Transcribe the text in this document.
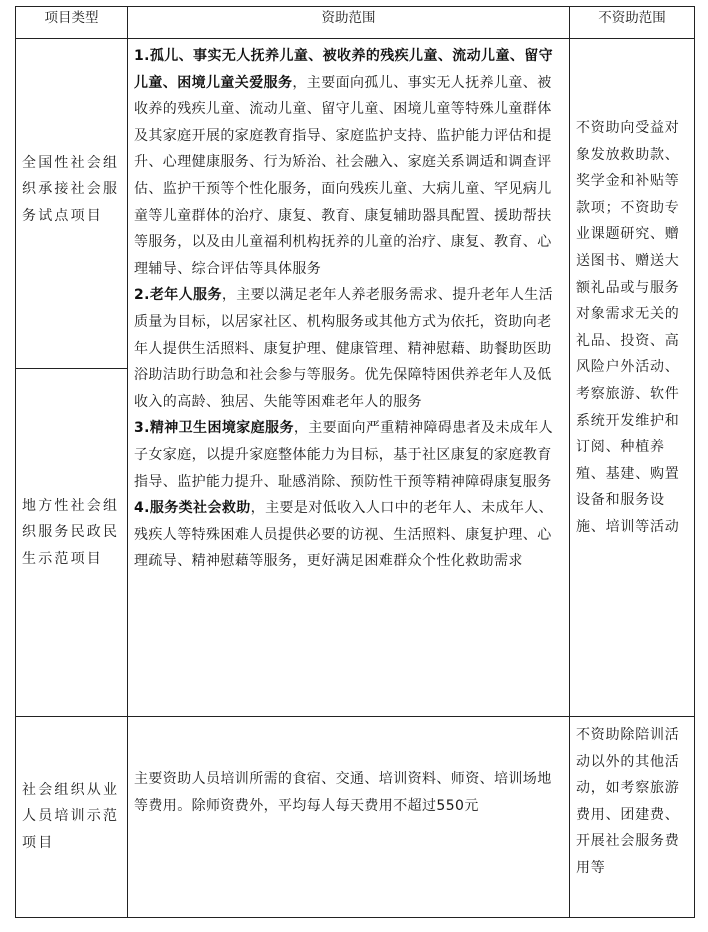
项目类型	资助范围	不资助范围
全国性社会组织承接社会服务试点项目
地方性社会组织服务民政民生示范项目
社会组织从业人员培训示范项目
1.孤儿、事实无人抚养儿童、被收养的残疾儿童、流动儿童、留守儿童、困境儿童关爱服务，主要面向孤儿、事实无人抚养儿童、被收养的残疾儿童、流动儿童、留守儿童、困境儿童等特殊儿童群体及其家庭开展的家庭教育指导、家庭监护支持、监护能力评估和提升、心理健康服务、行为矫治、社会融入、家庭关系调适和调查评估、监护干预等个性化服务，面向残疾儿童、大病儿童、罕见病儿童等儿童群体的治疗、康复、教育、康复辅助器具配置、援助帮扶等服务，以及由儿童福利机构抚养的儿童的治疗、康复、教育、心理辅导、综合评估等具体服务
2.老年人服务，主要以满足老年人养老服务需求、提升老年人生活质量为目标，以居家社区、机构服务或其他方式为依托，资助向老年人提供生活照料、康复护理、健康管理、精神慰藉、助餐助医助浴助洁助行助急和社会参与等服务。优先保障特困供养老年人及低收入的高龄、独居、失能等困难老年人的服务
3.精神卫生困境家庭服务，主要面向严重精神障碍患者及未成年人子女家庭，以提升家庭整体能力为目标，基于社区康复的家庭教育指导、监护能力提升、耻感消除、预防性干预等精神障碍康复服务
4.服务类社会救助，主要是对低收入人口中的老年人、未成年人、残疾人等特殊困难人员提供必要的访视、生活照料、康复护理、心理疏导、精神慰藉等服务，更好满足困难群众个性化救助需求
主要资助人员培训所需的食宿、交通、培训资料、师资、培训场地等费用。除师资费外，平均每人每天费用不超过550元
不资助向受益对象发放救助款、奖学金和补贴等款项；不资助专业课题研究、赠送图书、赠送大额礼品或与服务对象需求无关的礼品、投资、高风险户外活动、考察旅游、软件系统开发维护和订阅、种植养殖、基建、购置设备和服务设施、培训等活动
不资助除陪训活动以外的其他活动，如考察旅游费用、团建费、开展社会服务费用等
